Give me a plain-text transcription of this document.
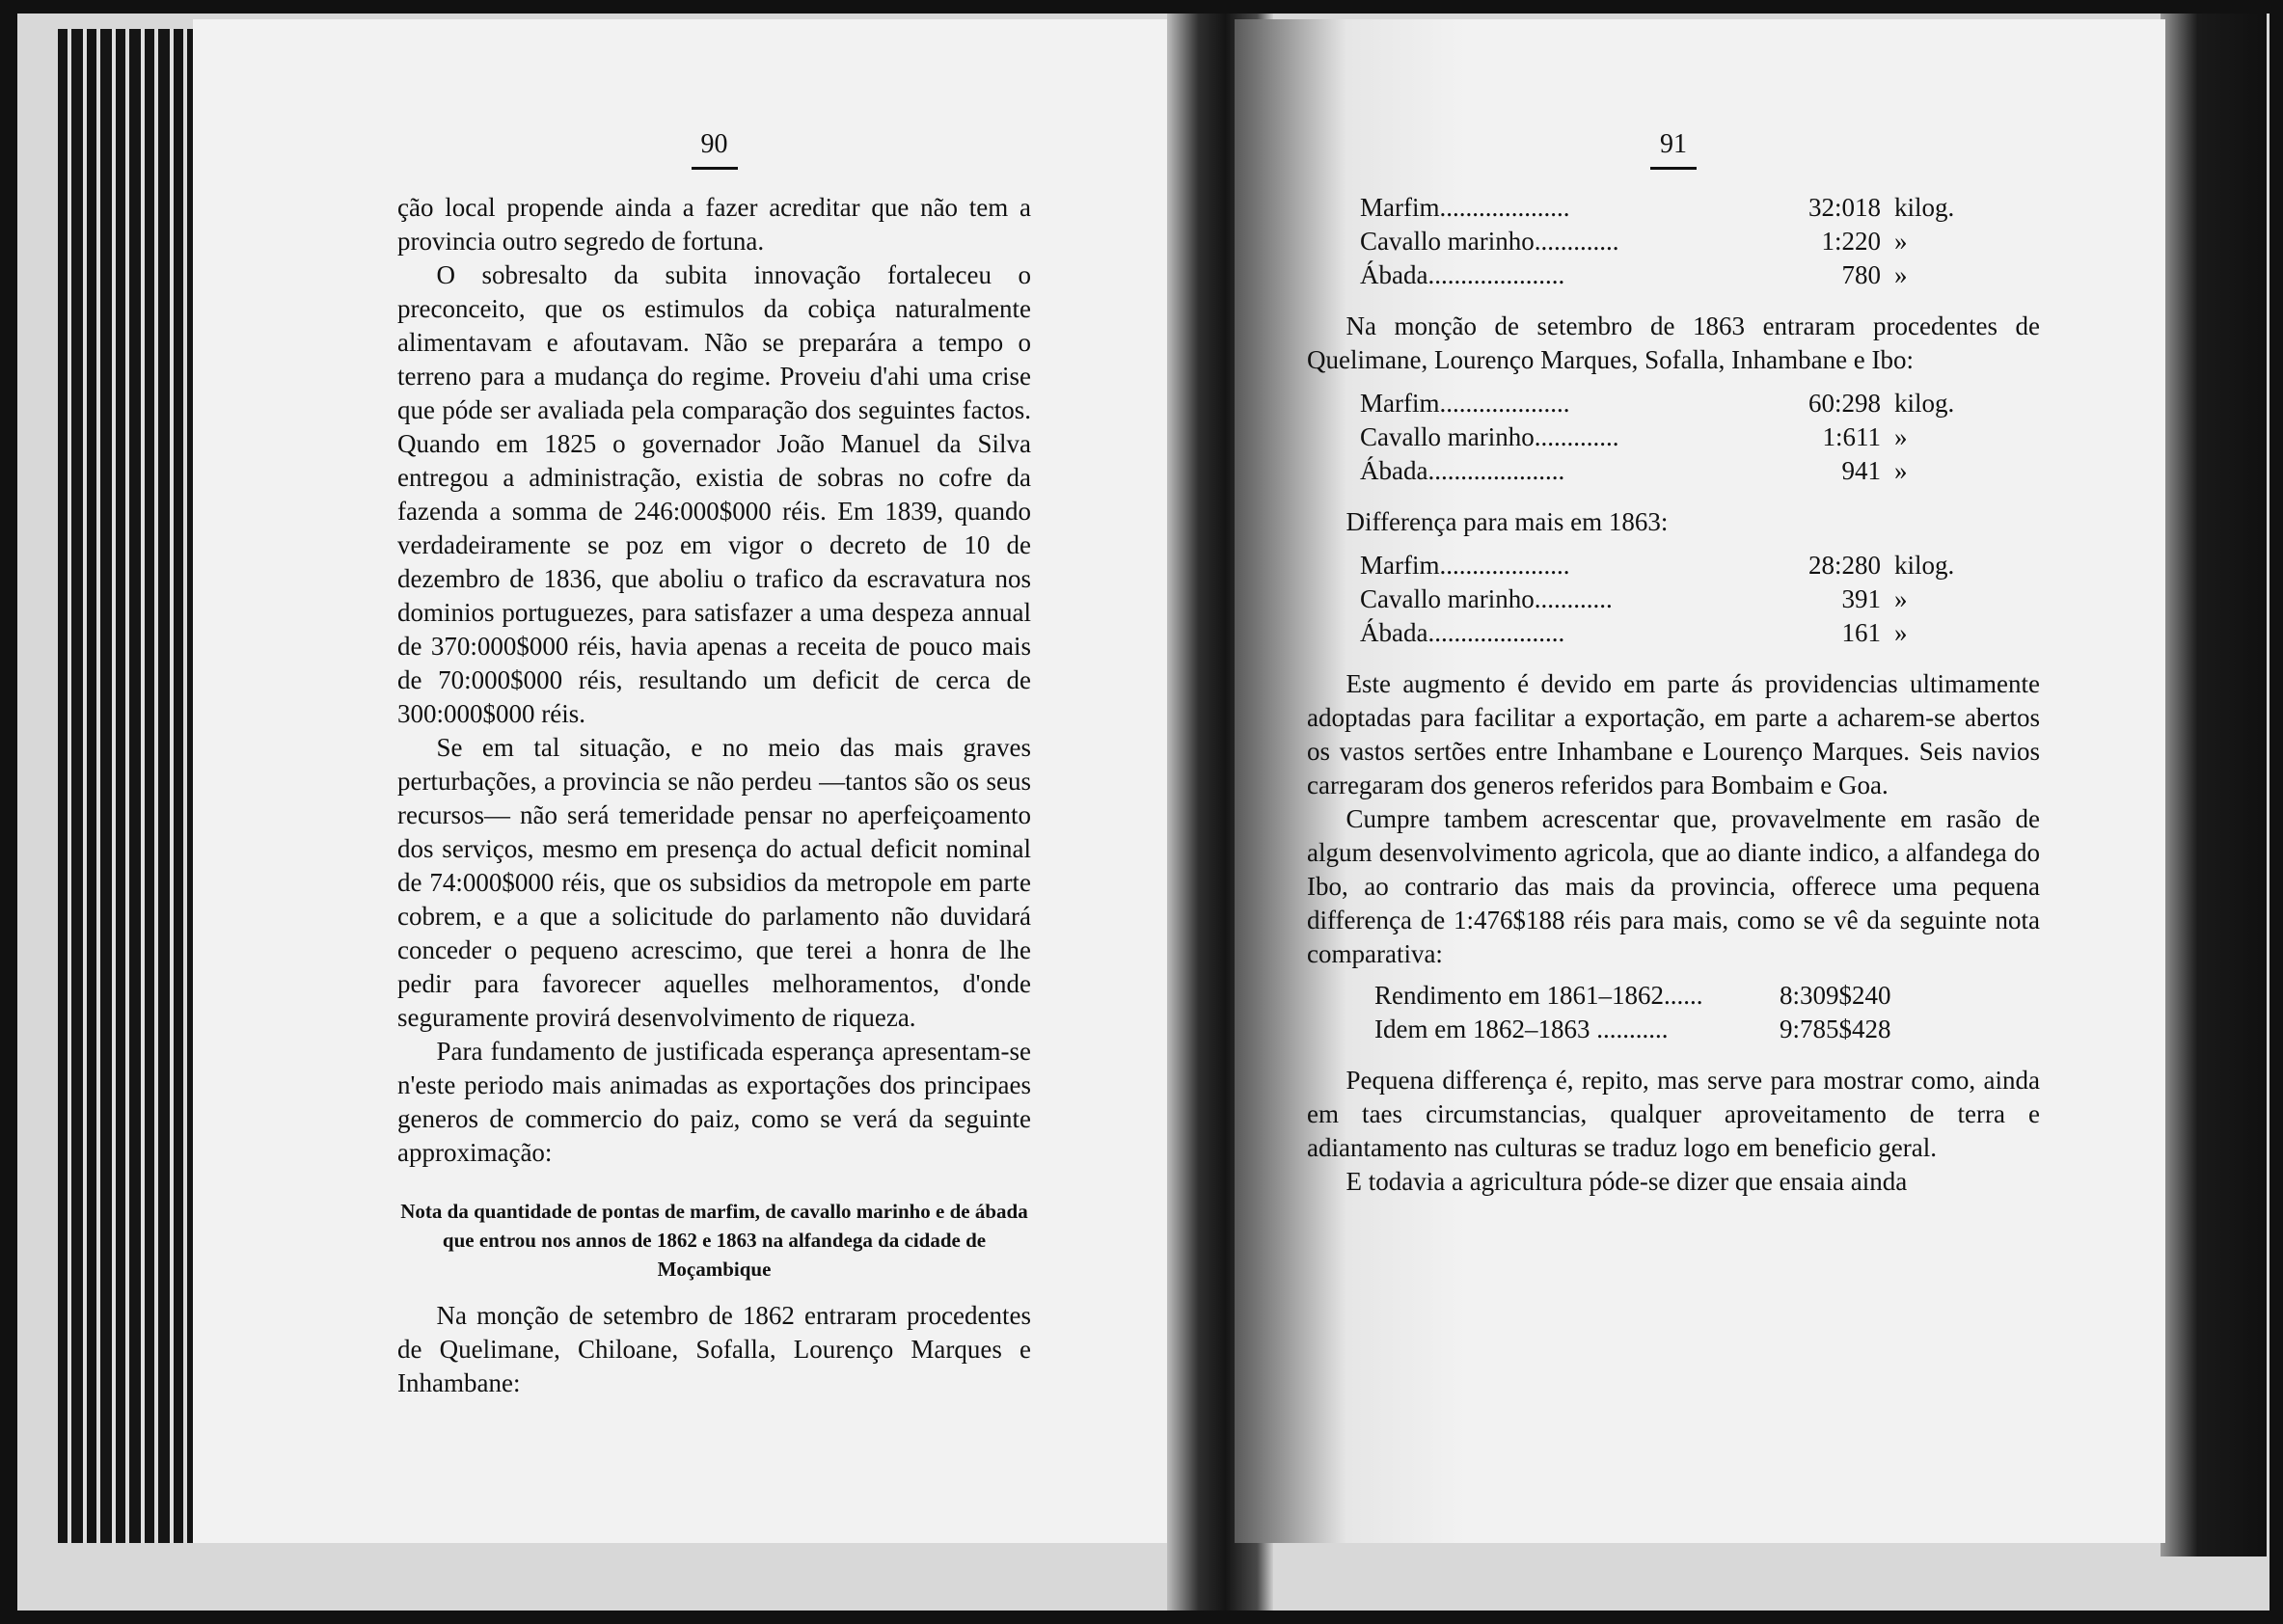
90

ção local propende ainda a fazer acreditar que não tem a provincia outro segredo de fortuna.

O sobresalto da subita innovação fortaleceu o preconceito, que os estimulos da cobiça naturalmente alimentavam e afoutavam. Não se preparára a tempo o terreno para a mudança do regime. Proveiu d'ahi uma crise que póde ser avaliada pela comparação dos seguintes factos. Quando em 1825 o governador João Manuel da Silva entregou a administração, existia de sobras no cofre da fazenda a somma de 246:000$000 réis. Em 1839, quando verdadeiramente se poz em vigor o decreto de 10 de dezembro de 1836, que aboliu o trafico da escravatura nos dominios portuguezes, para satisfazer a uma despeza annual de 370:000$000 réis, havia apenas a receita de pouco mais de 70:000$000 réis, resultando um deficit de cerca de 300:000$000 réis.

Se em tal situação, e no meio das mais graves perturbações, a provincia se não perdeu —tantos são os seus recursos— não será temeridade pensar no aperfeiçoamento dos serviços, mesmo em presença do actual deficit nominal de 74:000$000 réis, que os subsidios da metropole em parte cobrem, e a que a solicitude do parlamento não duvidará conceder o pequeno acrescimo, que terei a honra de lhe pedir para favorecer aquelles melhoramentos, d'onde seguramente provirá desenvolvimento de riqueza.

Para fundamento de justificada esperança apresentam-se n'este periodo mais animadas as exportações dos principaes generos de commercio do paiz, como se verá da seguinte approximação:

Nota da quantidade de pontas de marfim, de cavallo marinho e de ábada que entrou nos annos de 1862 e 1863 na alfandega da cidade de Moçambique

Na monção de setembro de 1862 entraram procedentes de Quelimane, Chiloane, Sofalla, Lourenço Marques e Inhambane:

91
Marfim....................	32:018 kilog.
Cavallo marinho.............	1:220 »
Ábada.....................	780 »

Na monção de setembro de 1863 entraram procedentes de Quelimane, Lourenço Marques, Sofalla, Inhambane e Ibo:

Marfim....................	60:298 kilog.
Cavallo marinho.............	1:611 »
Ábada.....................	941 »

Differença para mais em 1863:

Marfim....................	28:280 kilog.
Cavallo marinho............	391 »
Ábada.....................	161 »

Este augmento é devido em parte ás providencias ultimamente adoptadas para facilitar a exportação, em parte a acharem-se abertos os vastos sertões entre Inhambane e Lourenço Marques. Seis navios carregaram dos generos referidos para Bombaim e Goa.

Cumpre tambem acrescentar que, provavelmente em rasão de algum desenvolvimento agricola, que ao diante indico, a alfandega do Ibo, ao contrario das mais da provincia, offerece uma pequena differença de 1:476$188 réis para mais, como se vê da seguinte nota comparativa:

Rendimento em 1861–1862......	8:309$240
Idem em 1862–1863 ...........	9:785$428

Pequena differença é, repito, mas serve para mostrar como, ainda em taes circumstancias, qualquer aproveitamento de terra e adiantamento nas culturas se traduz logo em beneficio geral.

E todavia a agricultura póde-se dizer que ensaia ainda
